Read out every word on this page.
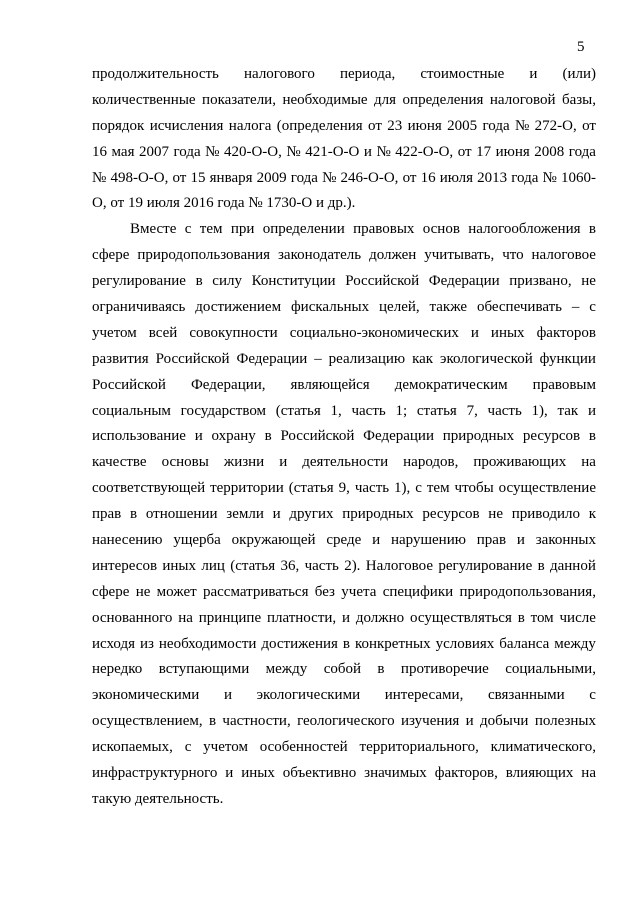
5
продолжительность налогового периода, стоимостные и (или)
количественные показатели, необходимые для определения налоговой базы,
порядок исчисления налога (определения от 23 июня 2005 года № 272-О, от
16 мая 2007 года № 420-О-О, № 421-О-О и № 422-О-О, от 17 июня 2008 года
№ 498-О-О, от 15 января 2009 года № 246-О-О, от 16 июля 2013 года № 1060-
О, от 19 июля 2016 года № 1730-О и др.).
Вместе с тем при определении правовых основ налогообложения в
сфере природопользования законодатель должен учитывать, что налоговое
регулирование в силу Конституции Российской Федерации призвано, не
ограничиваясь достижением фискальных целей, также обеспечивать – с
учетом всей совокупности социально-экономических и иных факторов
развития Российской Федерации – реализацию как экологической функции
Российской Федерации, являющейся демократическим правовым
социальным государством (статья 1, часть 1; статья 7, часть 1), так и
использование и охрану в Российской Федерации природных ресурсов в
качестве основы жизни и деятельности народов, проживающих на
соответствующей территории (статья 9, часть 1), с тем чтобы осуществление
прав в отношении земли и других природных ресурсов не приводило к
нанесению ущерба окружающей среде и нарушению прав и законных
интересов иных лиц (статья 36, часть 2). Налоговое регулирование в данной
сфере не может рассматриваться без учета специфики природопользования,
основанного на принципе платности, и должно осуществляться в том числе
исходя из необходимости достижения в конкретных условиях баланса между
нередко вступающими между собой в противоречие социальными,
экономическими и экологическими интересами, связанными с
осуществлением, в частности, геологического изучения и добычи полезных
ископаемых, с учетом особенностей территориального, климатического,
инфраструктурного и иных объективно значимых факторов, влияющих на
такую деятельность.
